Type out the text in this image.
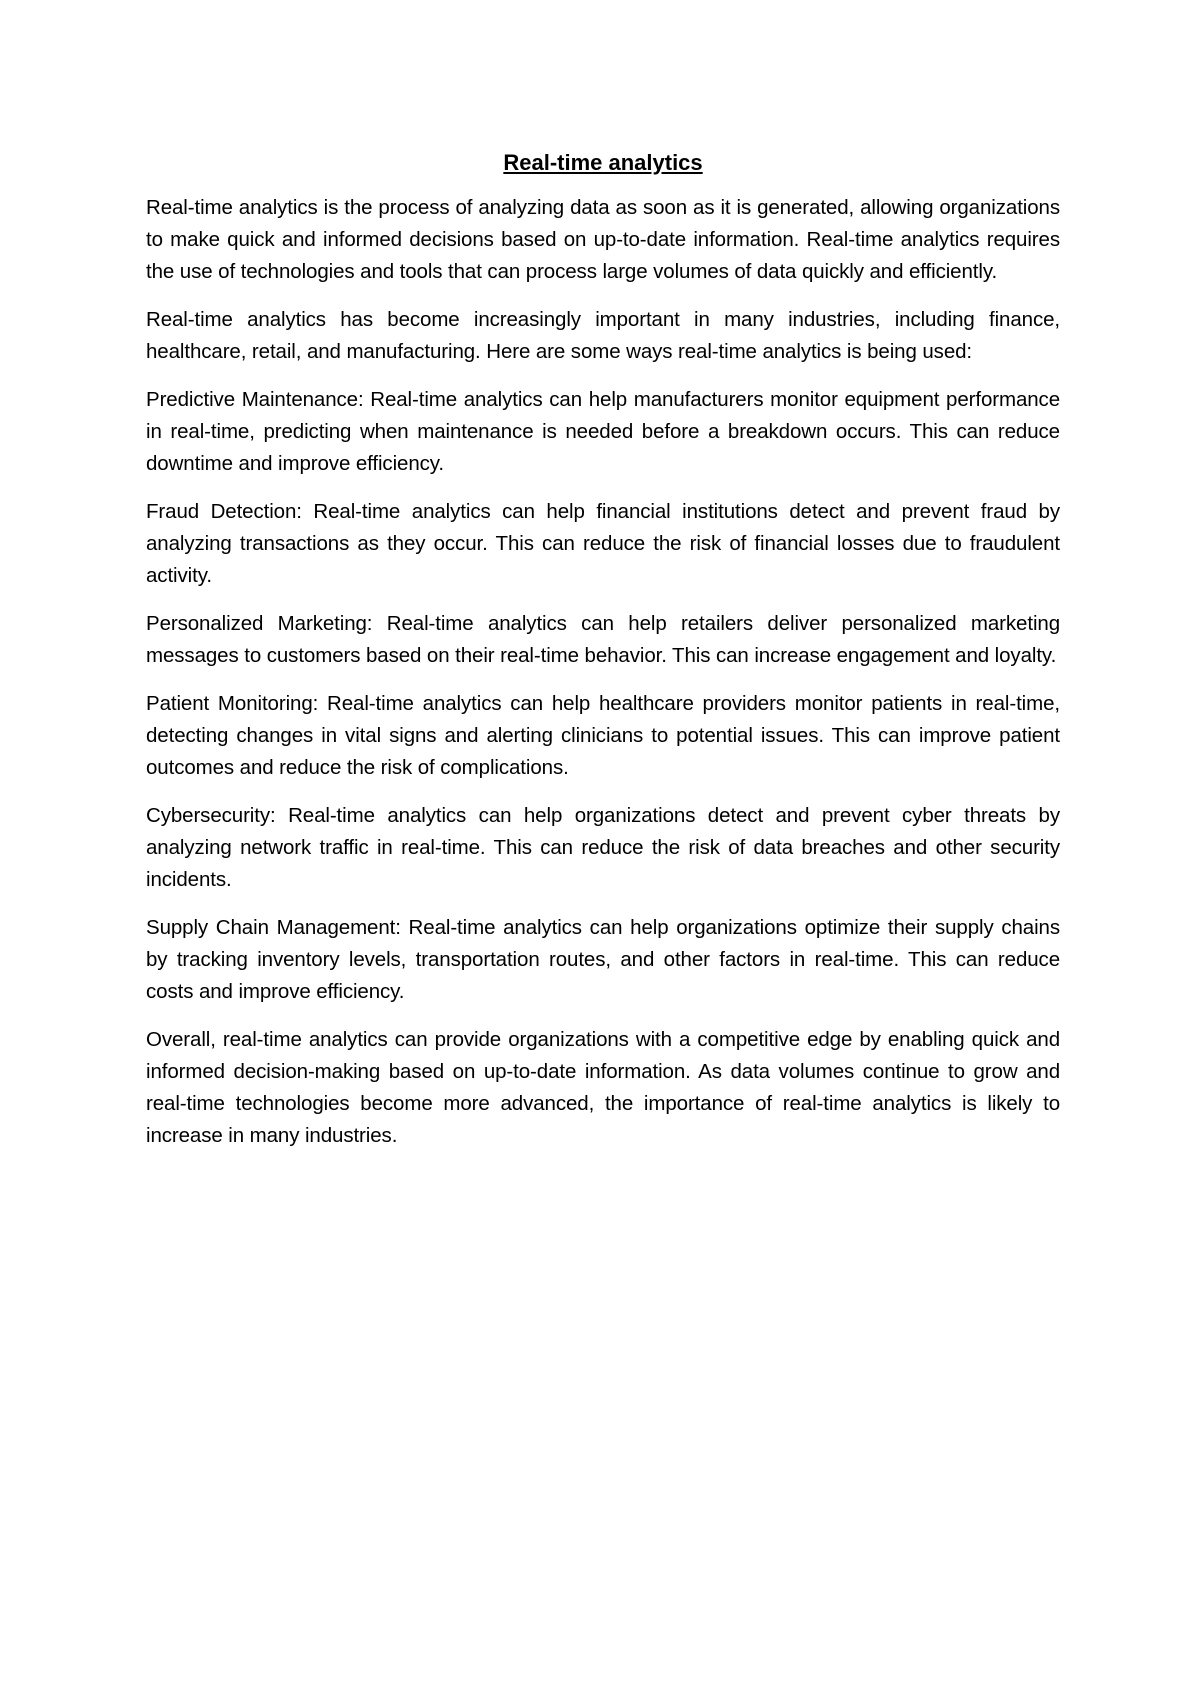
Real-time analytics

Real-time analytics is the process of analyzing data as soon as it is generated, allowing organizations to make quick and informed decisions based on up-to-date information. Real-time analytics requires the use of technologies and tools that can process large volumes of data quickly and efficiently.

Real-time analytics has become increasingly important in many industries, including finance, healthcare, retail, and manufacturing. Here are some ways real-time analytics is being used:

Predictive Maintenance: Real-time analytics can help manufacturers monitor equipment performance in real-time, predicting when maintenance is needed before a breakdown occurs. This can reduce downtime and improve efficiency.

Fraud Detection: Real-time analytics can help financial institutions detect and prevent fraud by analyzing transactions as they occur. This can reduce the risk of financial losses due to fraudulent activity.

Personalized Marketing: Real-time analytics can help retailers deliver personalized marketing messages to customers based on their real-time behavior. This can increase engagement and loyalty.

Patient Monitoring: Real-time analytics can help healthcare providers monitor patients in real-time, detecting changes in vital signs and alerting clinicians to potential issues. This can improve patient outcomes and reduce the risk of complications.

Cybersecurity: Real-time analytics can help organizations detect and prevent cyber threats by analyzing network traffic in real-time. This can reduce the risk of data breaches and other security incidents.

Supply Chain Management: Real-time analytics can help organizations optimize their supply chains by tracking inventory levels, transportation routes, and other factors in real-time. This can reduce costs and improve efficiency.

Overall, real-time analytics can provide organizations with a competitive edge by enabling quick and informed decision-making based on up-to-date information. As data volumes continue to grow and real-time technologies become more advanced, the importance of real-time analytics is likely to increase in many industries.
